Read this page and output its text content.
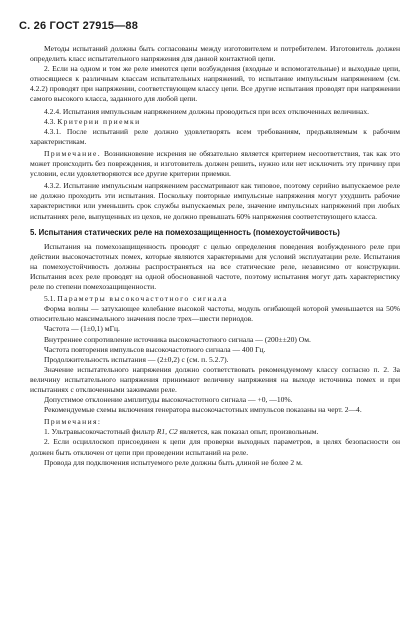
С. 26 ГОСТ 27915—88

Методы испытаний должны быть согласованы между изготовителем и потребителем. Изготовитель должен определить класс испытательного напряжения для данной контактной цепи.

2. Если на одном и том же реле имеются цепи возбуждения (входные и вспомогательные) и выходные цепи, относящиеся к различным классам испытательных напряжений, то испытание импульсным напряжением (см. 4.2.2) проводят при напряжении, соответствующем классу цепи. Все другие испытания проводят при напряжении самого высокого класса, заданного для любой цепи.

4.2.4. Испытания импульсным напряжением должны проводиться при всех отключенных величинах.

4.3. Критерии приемки

4.3.1. После испытаний реле должно удовлетворять всем требованиям, предъявляемым к рабочим характеристикам.

Примечание. Возникновение искрения не обязательно является критерием несоответствия, так как это может происходить без повреждения, и изготовитель должен решить, нужно или нет исключить эту причину при условии, если удовлетворяются все другие критерии приемки.

4.3.2. Испытание импульсным напряжением рассматривают как типовое, поэтому серийно выпускаемое реле не должно проходить эти испытания. Поскольку повторные импульсные напряжения могут ухудшить рабочие характеристики или уменьшить срок службы выпускаемых реле, значение импульсных напряжений при любых испытаниях реле, выпущенных из цехов, не должно превышать 60% напряжения соответствующего класса.

5. Испытания статических реле на помехозащищенность (помехоустойчивость)

Испытания на помехозащищенность проводят с целью определения поведения возбужденного реле при действии высокочастотных помех, которые являются характерными для условий эксплуатации реле. Испытания на помехоустойчивость должны распространяться на все статические реле, независимо от конструкции. Испытания всех реле проводят на одной обоснованной частоте, поэтому испытания могут дать характеристику реле по степени помехозащищенности.

5.1. Параметры высокочастотного сигнала

Форма волны — затухающее колебание высокой частоты, модуль огибающей которой уменьшается на 50% относительно максимального значения после трех—шести периодов.

Частота — (1±0,1) мГц.

Внутреннее сопротивление источника высокочастотного сигнала — (200±±20) Ом.

Частота повторения импульсов высокочастотного сигнала — 400 Гц.

Продолжительность испытания — (2±0,2) с (см. п. 5.2.7).

Значение испытательного напряжения должно соответствовать рекомендуемому классу согласно п. 2. За величину испытательного напряжения принимают величину напряжения на выходе источника помех и при испытаниях с отключенными зажимами реле.

Допустимое отклонение амплитуды высокочастотного сигнала — +0, —10%.

Рекомендуемые схемы включения генератора высокочастотных импульсов показаны на черт. 2—4.

Примечания:

1. Ультравысокочастотный фильтр R1, C2 является, как показал опыт, произвольным.

2. Если осциллоскоп присоединен к цепи для проверки выходных параметров, в целях безопасности он должен быть отключен от цепи при проведении испытаний на реле.

Провода для подключения испытуемого реле должны быть длиной не более 2 м.
